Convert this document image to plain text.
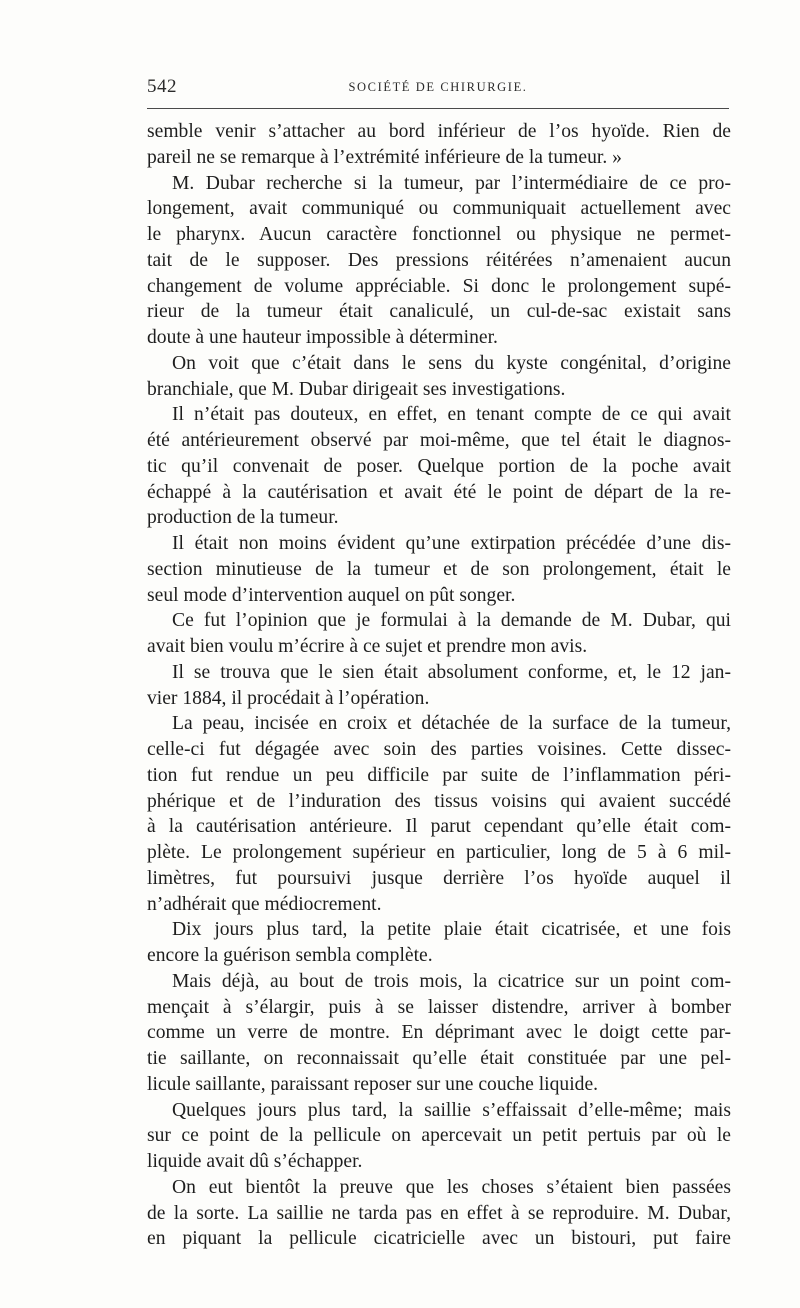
542	SOCIÉTÉ DE CHIRURGIE.
semble venir s’attacher au bord inférieur de l’os hyoïde. Rien de
pareil ne se remarque à l’extrémité inférieure de la tumeur. »
M. Dubar recherche si la tumeur, par l’intermédiaire de ce pro-
longement, avait communiqué ou communiquait actuellement avec
le pharynx. Aucun caractère fonctionnel ou physique ne permet-
tait de le supposer. Des pressions réitérées n’amenaient aucun
changement de volume appréciable. Si donc le prolongement supé-
rieur de la tumeur était canaliculé, un cul-de-sac existait sans
doute à une hauteur impossible à déterminer.
On voit que c’était dans le sens du kyste congénital, d’origine
branchiale, que M. Dubar dirigeait ses investigations.
Il n’était pas douteux, en effet, en tenant compte de ce qui avait
été antérieurement observé par moi-même, que tel était le diagnos-
tic qu’il convenait de poser. Quelque portion de la poche avait
échappé à la cautérisation et avait été le point de départ de la re-
production de la tumeur.
Il était non moins évident qu’une extirpation précédée d’une dis-
section minutieuse de la tumeur et de son prolongement, était le
seul mode d’intervention auquel on pût songer.
Ce fut l’opinion que je formulai à la demande de M. Dubar, qui
avait bien voulu m’écrire à ce sujet et prendre mon avis.
Il se trouva que le sien était absolument conforme, et, le 12 jan-
vier 1884, il procédait à l’opération.
La peau, incisée en croix et détachée de la surface de la tumeur,
celle-ci fut dégagée avec soin des parties voisines. Cette dissec-
tion fut rendue un peu difficile par suite de l’inflammation péri-
phérique et de l’induration des tissus voisins qui avaient succédé
à la cautérisation antérieure. Il parut cependant qu’elle était com-
plète. Le prolongement supérieur en particulier, long de 5 à 6 mil-
limètres, fut poursuivi jusque derrière l’os hyoïde auquel il
n’adhérait que médiocrement.
Dix jours plus tard, la petite plaie était cicatrisée, et une fois
encore la guérison sembla complète.
Mais déjà, au bout de trois mois, la cicatrice sur un point com-
mençait à s’élargir, puis à se laisser distendre, arriver à bomber
comme un verre de montre. En déprimant avec le doigt cette par-
tie saillante, on reconnaissait qu’elle était constituée par une pel-
licule saillante, paraissant reposer sur une couche liquide.
Quelques jours plus tard, la saillie s’effaissait d’elle-même; mais
sur ce point de la pellicule on apercevait un petit pertuis par où le
liquide avait dû s’échapper.
On eut bientôt la preuve que les choses s’étaient bien passées
de la sorte. La saillie ne tarda pas en effet à se reproduire. M. Dubar,
en piquant la pellicule cicatricielle avec un bistouri, put faire
